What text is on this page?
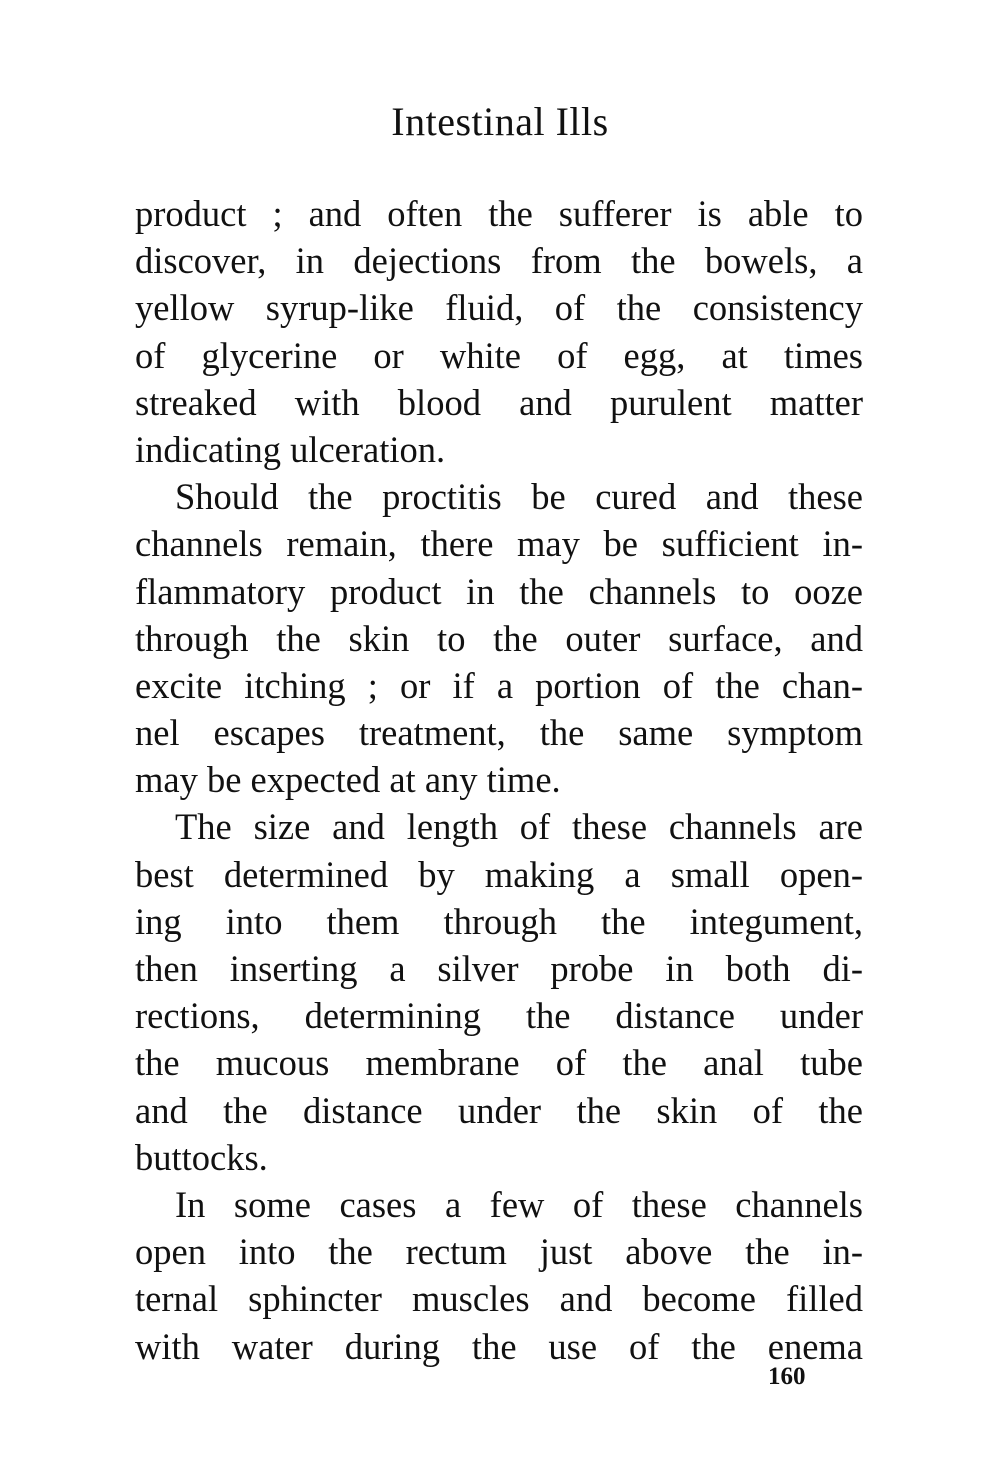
Intestinal Ills
product ; and often the sufferer is able to
discover, in dejections from the bowels, a
yellow syrup-like fluid, of the consistency
of glycerine or white of egg, at times
streaked with blood and purulent matter
indicating ulceration.
Should the proctitis be cured and these
channels remain, there may be sufficient in-
flammatory product in the channels to ooze
through the skin to the outer surface, and
excite itching ; or if a portion of the chan-
nel escapes treatment, the same symptom
may be expected at any time.
The size and length of these channels are
best determined by making a small open-
ing into them through the integument,
then inserting a silver probe in both di-
rections, determining the distance under
the mucous membrane of the anal tube
and the distance under the skin of the
buttocks.
In some cases a few of these channels
open into the rectum just above the in-
ternal sphincter muscles and become filled
with water during the use of the enema
160
